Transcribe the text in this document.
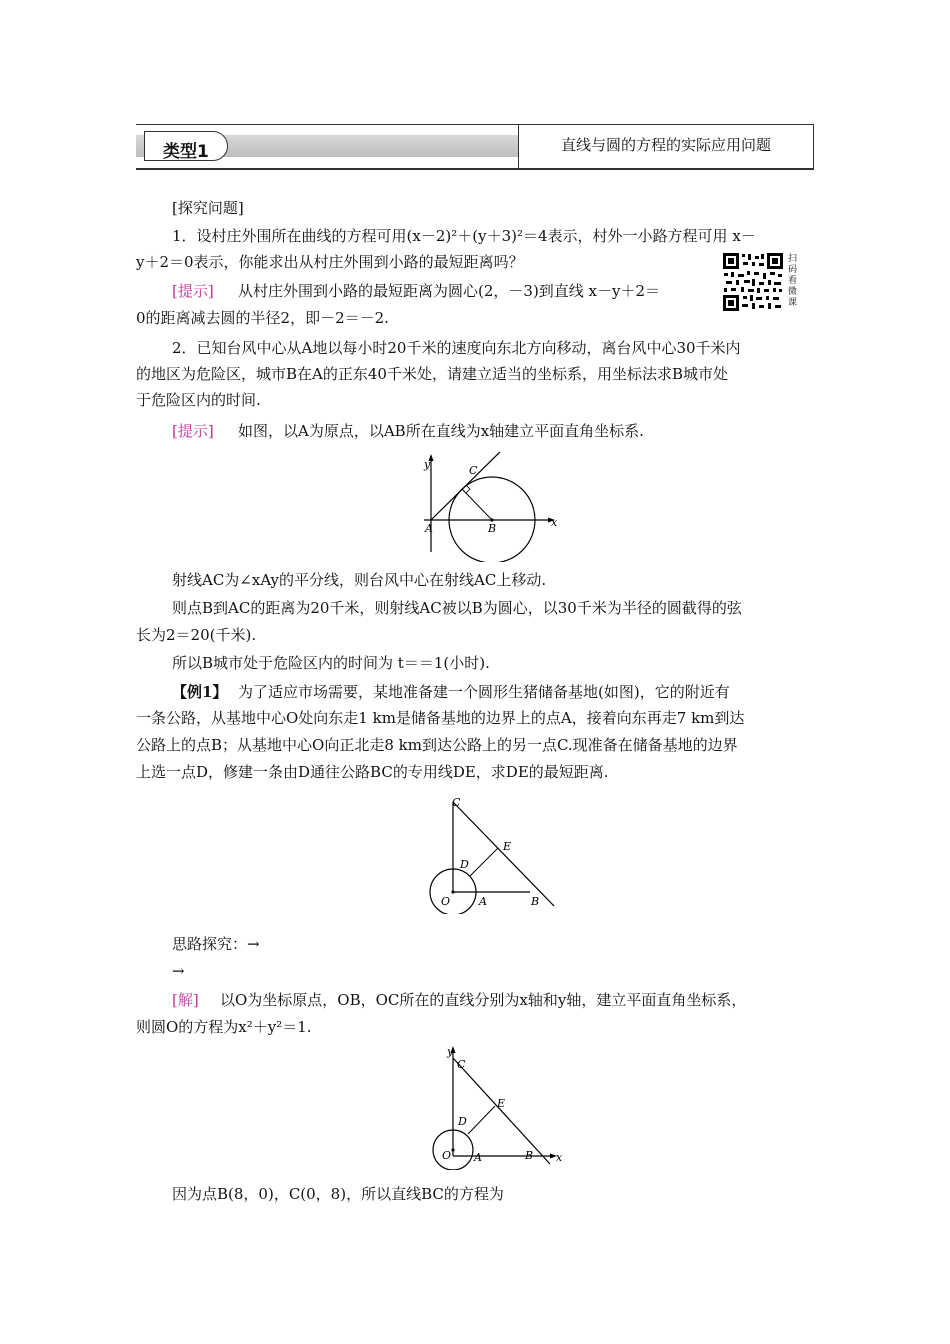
类型1	直线与圆的方程的实际应用问题
[探究问题]
1．设村庄外围所在曲线的方程可用(x－2)²＋(y＋3)²＝4表示，村外一小路方程可用 x－
y＋2＝0表示，你能求出从村庄外围到小路的最短距离吗？
[提示] 从村庄外围到小路的最短距离为圆心(2，－3)到直线 x－y＋2＝
0的距离减去圆的半径2，即－2＝－2.
扫码看微课
2．已知台风中心从A地以每小时20千米的速度向东北方向移动，离台风中心30千米内
的地区为危险区，城市B在A的正东40千米处，请建立适当的坐标系，用坐标法求B城市处
于危险区内的时间.
[提示] 如图，以A为原点，以AB所在直线为x轴建立平面直角坐标系.
y
x
A	B
C
射线AC为∠xAy的平分线，则台风中心在射线AC上移动.
则点B到AC的距离为20千米，则射线AC被以B为圆心，以30千米为半径的圆截得的弦
长为2＝20(千米).
所以B城市处于危险区内的时间为 t＝＝1(小时).
【例1】 为了适应市场需要，某地准备建一个圆形生猪储备基地(如图)，它的附近有
一条公路，从基地中心O处向东走1 km是储备基地的边界上的点A，接着向东再走7 km到达
公路上的点B；从基地中心O向正北走8 km到达公路上的另一点C.现准备在储备基地的边界
上选一点D，修建一条由D通往公路BC的专用线DE，求DE的最短距离.
C
E
D
O	A	B
思路探究：→
→
[解] 以O为坐标原点，OB，OC所在的直线分别为x轴和y轴，建立平面直角坐标系，
则圆O的方程为x²＋y²＝1.
y
C
E
D
O A	B x
因为点B(8，0)，C(0，8)，所以直线BC的方程为
